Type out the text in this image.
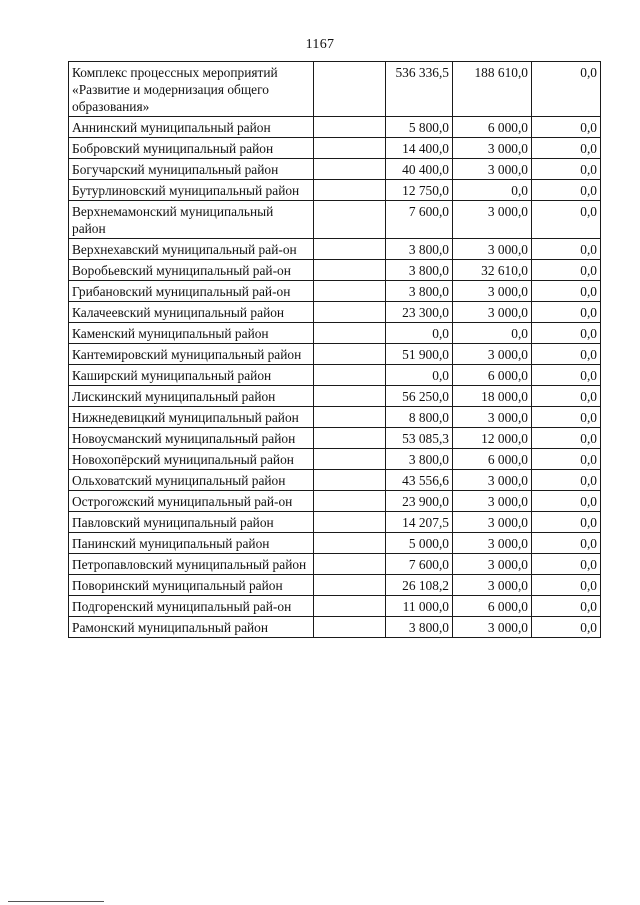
1167
Комплекс процессных мероприятий «Развитие и модернизация общего образования»		536 336,5	188 610,0	0,0
Аннинский муниципальный район		5 800,0	6 000,0	0,0
Бобровский муниципальный район		14 400,0	3 000,0	0,0
Богучарский муниципальный район		40 400,0	3 000,0	0,0
Бутурлиновский муниципальный район		12 750,0	0,0	0,0
Верхнемамонский муниципальный район		7 600,0	3 000,0	0,0
Верхнехавский муниципальный рай-он		3 800,0	3 000,0	0,0
Воробьевский муниципальный рай-он		3 800,0	32 610,0	0,0
Грибановский муниципальный рай-он		3 800,0	3 000,0	0,0
Калачеевский муниципальный район		23 300,0	3 000,0	0,0
Каменский муниципальный район		0,0	0,0	0,0
Кантемировский муниципальный район		51 900,0	3 000,0	0,0
Каширский муниципальный район		0,0	6 000,0	0,0
Лискинский муниципальный район		56 250,0	18 000,0	0,0
Нижнедевицкий муниципальный район		8 800,0	3 000,0	0,0
Новоусманский муниципальный район		53 085,3	12 000,0	0,0
Новохопёрский муниципальный район		3 800,0	6 000,0	0,0
Ольховатский муниципальный район		43 556,6	3 000,0	0,0
Острогожский муниципальный рай-он		23 900,0	3 000,0	0,0
Павловский муниципальный район		14 207,5	3 000,0	0,0
Панинский муниципальный район		5 000,0	3 000,0	0,0
Петропавловский муниципальный район		7 600,0	3 000,0	0,0
Поворинский муниципальный район		26 108,2	3 000,0	0,0
Подгоренский муниципальный рай-он		11 000,0	6 000,0	0,0
Рамонский муниципальный район		3 800,0	3 000,0	0,0
